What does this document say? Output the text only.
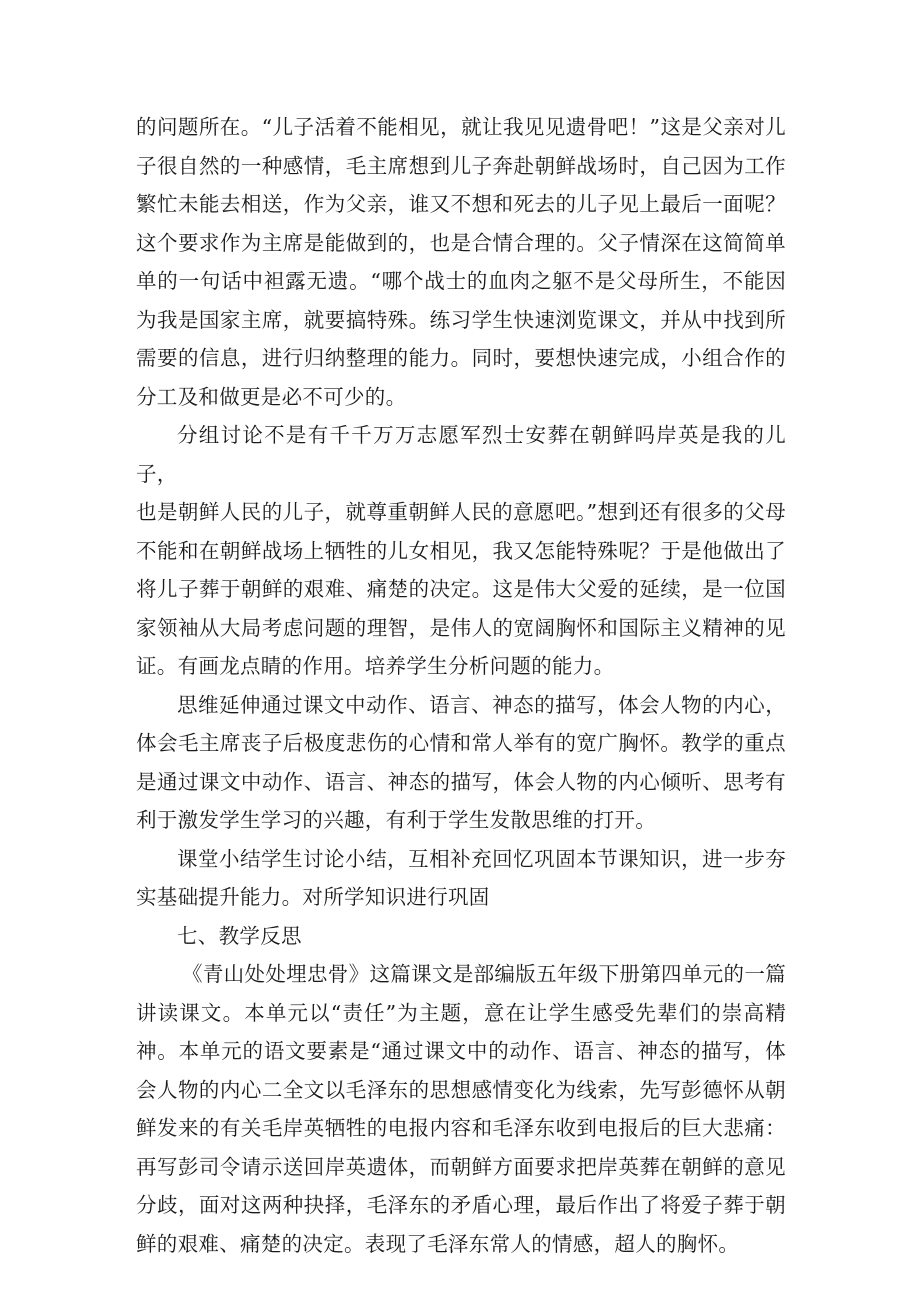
的问题所在。“儿子活着不能相见，就让我见见遗骨吧！”这是父亲对儿子很自然的一种感情，毛主席想到儿子奔赴朝鲜战场时，自己因为工作繁忙未能去相送，作为父亲，谁又不想和死去的儿子见上最后一面呢？这个要求作为主席是能做到的，也是合情合理的。父子情深在这简简单单的一句话中袒露无遗。“哪个战士的血肉之躯不是父母所生，不能因为我是国家主席，就要搞特殊。练习学生快速浏览课文，并从中找到所需要的信息，进行归纳整理的能力。同时，要想快速完成，小组合作的分工及和做更是必不可少的。

分组讨论不是有千千万万志愿军烈士安葬在朝鲜吗岸英是我的儿子，

也是朝鲜人民的儿子，就尊重朝鲜人民的意愿吧。”想到还有很多的父母不能和在朝鲜战场上牺牲的儿女相见，我又怎能特殊呢？于是他做出了将儿子葬于朝鲜的艰难、痛楚的决定。这是伟大父爱的延续，是一位国家领袖从大局考虑问题的理智，是伟人的宽阔胸怀和国际主义精神的见证。有画龙点睛的作用。培养学生分析问题的能力。

思维延伸通过课文中动作、语言、神态的描写，体会人物的内心，体会毛主席丧子后极度悲伤的心情和常人举有的宽广胸怀。教学的重点是通过课文中动作、语言、神态的描写，体会人物的内心倾听、思考有利于激发学生学习的兴趣，有利于学生发散思维的打开。

课堂小结学生讨论小结，互相补充回忆巩固本节课知识，进一步夯实基础提升能力。对所学知识进行巩固

七、教学反思

《青山处处埋忠骨》这篇课文是部编版五年级下册第四单元的一篇讲读课文。本单元以“责任”为主题，意在让学生感受先辈们的崇高精神。本单元的语文要素是“通过课文中的动作、语言、神态的描写，体会人物的内心二全文以毛泽东的思想感情变化为线索，先写彭德怀从朝鲜发来的有关毛岸英牺牲的电报内容和毛泽东收到电报后的巨大悲痛：再写彭司令请示送回岸英遗体，而朝鲜方面要求把岸英葬在朝鲜的意见分歧，面对这两种抉择，毛泽东的矛盾心理，最后作出了将爱子葬于朝鲜的艰难、痛楚的决定。表现了毛泽东常人的情感，超人的胸怀。
